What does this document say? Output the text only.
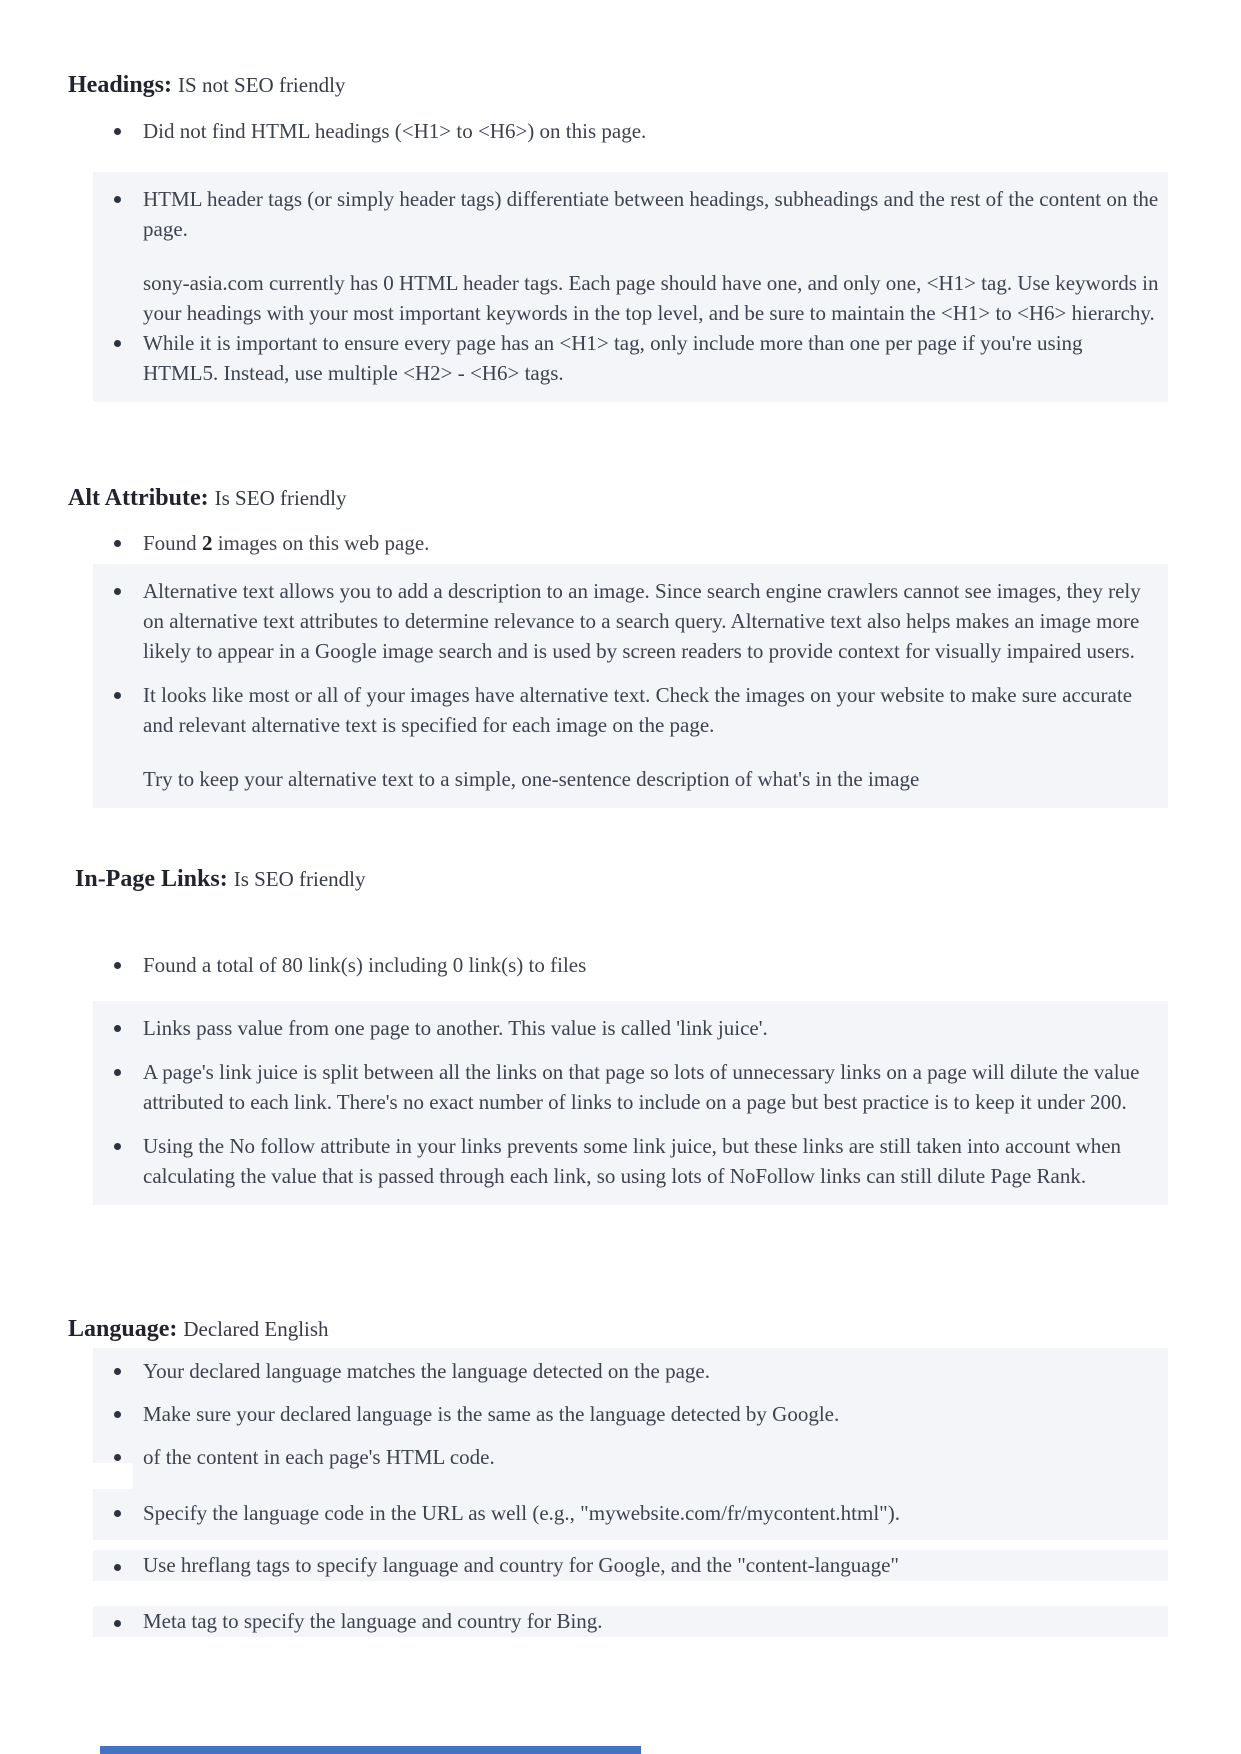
Headings: IS not SEO friendly
Did not find HTML headings (<H1> to <H6>) on this page.
HTML header tags (or simply header tags) differentiate between headings, subheadings and the rest of the content on the page.
sony-asia.com currently has 0 HTML header tags. Each page should have one, and only one, <H1> tag. Use keywords in your headings with your most important keywords in the top level, and be sure to maintain the <H1> to <H6> hierarchy.
While it is important to ensure every page has an <H1> tag, only include more than one per page if you're using HTML5. Instead, use multiple <H2> - <H6> tags.
Alt Attribute: Is SEO friendly
Found 2 images on this web page.
Alternative text allows you to add a description to an image. Since search engine crawlers cannot see images, they rely on alternative text attributes to determine relevance to a search query. Alternative text also helps makes an image more likely to appear in a Google image search and is used by screen readers to provide context for visually impaired users.
It looks like most or all of your images have alternative text. Check the images on your website to make sure accurate and relevant alternative text is specified for each image on the page.
Try to keep your alternative text to a simple, one-sentence description of what's in the image
In-Page Links: Is SEO friendly
Found a total of 80 link(s) including 0 link(s) to files
Links pass value from one page to another. This value is called 'link juice'.
A page's link juice is split between all the links on that page so lots of unnecessary links on a page will dilute the value attributed to each link. There's no exact number of links to include on a page but best practice is to keep it under 200.
Using the No follow attribute in your links prevents some link juice, but these links are still taken into account when calculating the value that is passed through each link, so using lots of NoFollow links can still dilute Page Rank.
Language: Declared English
Your declared language matches the language detected on the page.
Make sure your declared language is the same as the language detected by Google.
of the content in each page's HTML code.
Specify the language code in the URL as well (e.g., "mywebsite.com/fr/mycontent.html").
Use hreflang tags to specify language and country for Google, and the "content-language"
Meta tag to specify the language and country for Bing.
